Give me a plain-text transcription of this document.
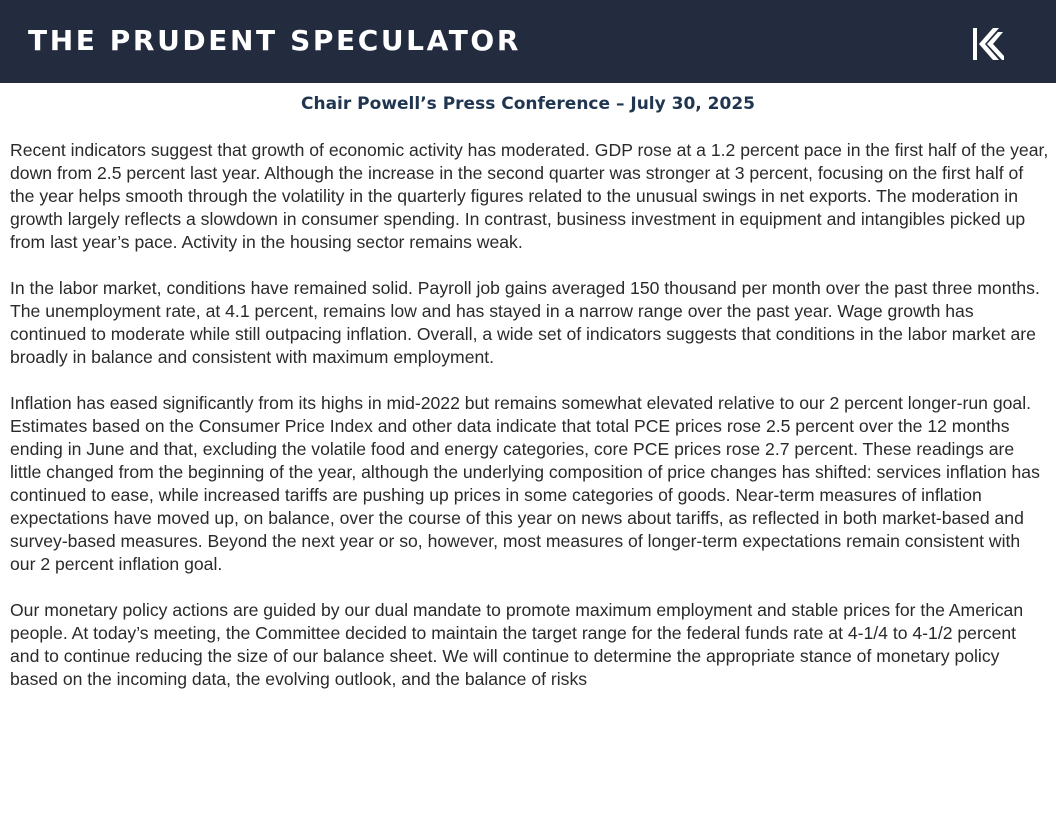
THE PRUDENT SPECULATOR
Chair Powell’s Press Conference – July 30, 2025

Recent indicators suggest that growth of economic activity has moderated. GDP rose at a 1.2 percent pace in the first half of the year, down from 2.5 percent last year. Although the increase in the second quarter was stronger at 3 percent, focusing on the first half of the year helps smooth through the volatility in the quarterly figures related to the unusual swings in net exports. The moderation in growth largely reflects a slowdown in consumer spending. In contrast, business investment in equipment and intangibles picked up from last year’s pace. Activity in the housing sector remains weak.

In the labor market, conditions have remained solid. Payroll job gains averaged 150 thousand per month over the past three months. The unemployment rate, at 4.1 percent, remains low and has stayed in a narrow range over the past year. Wage growth has continued to moderate while still outpacing inflation. Overall, a wide set of indicators suggests that conditions in the labor market are broadly in balance and consistent with maximum employment.

Inflation has eased significantly from its highs in mid-2022 but remains somewhat elevated relative to our 2 percent longer-run goal. Estimates based on the Consumer Price Index and other data indicate that total PCE prices rose 2.5 percent over the 12 months ending in June and that, excluding the volatile food and energy categories, core PCE prices rose 2.7 percent. These readings are little changed from the beginning of the year, although the underlying composition of price changes has shifted: services inflation has continued to ease, while increased tariffs are pushing up prices in some categories of goods. Near-term measures of inflation expectations have moved up, on balance, over the course of this year on news about tariffs, as reflected in both market-based and survey-based measures. Beyond the next year or so, however, most measures of longer-term expectations remain consistent with our 2 percent inflation goal.

Our monetary policy actions are guided by our dual mandate to promote maximum employment and stable prices for the American people. At today’s meeting, the Committee decided to maintain the target range for the federal funds rate at 4-1/4 to 4-1/2 percent and to continue reducing the size of our balance sheet. We will continue to determine the appropriate stance of monetary policy based on the incoming data, the evolving outlook, and the balance of risks
